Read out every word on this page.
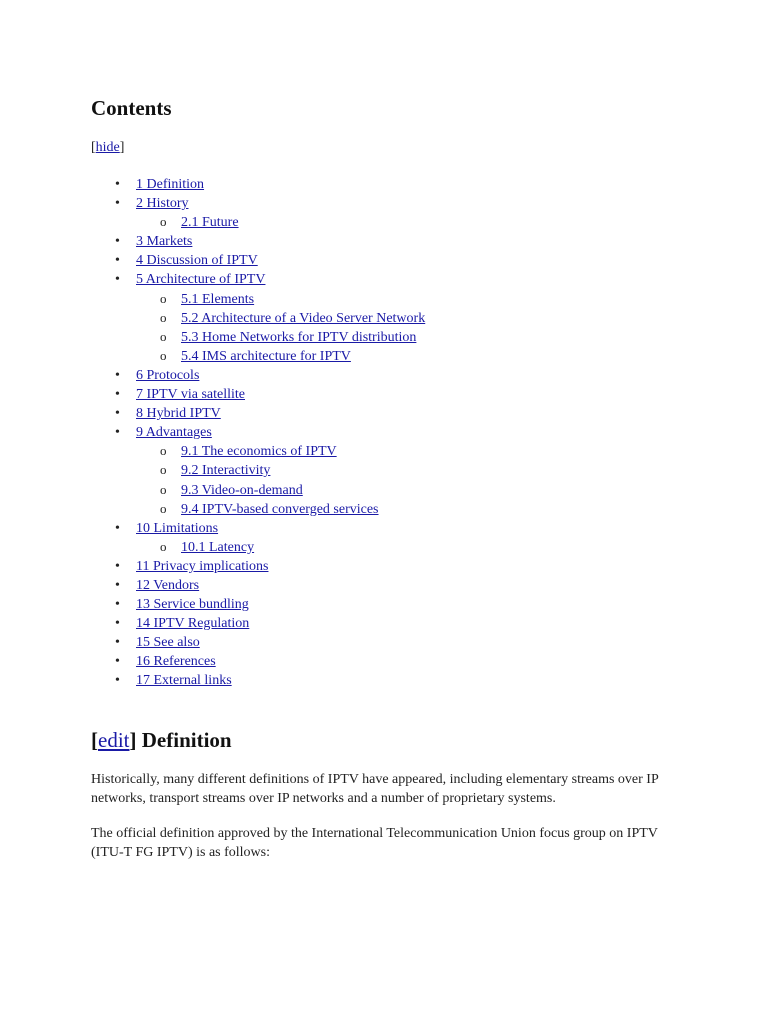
Contents
[hide]
• 1 Definition
• 2 History
o 2.1 Future
• 3 Markets
• 4 Discussion of IPTV
• 5 Architecture of IPTV
o 5.1 Elements
o 5.2 Architecture of a Video Server Network
o 5.3 Home Networks for IPTV distribution
o 5.4 IMS architecture for IPTV
• 6 Protocols
• 7 IPTV via satellite
• 8 Hybrid IPTV
• 9 Advantages
o 9.1 The economics of IPTV
o 9.2 Interactivity
o 9.3 Video-on-demand
o 9.4 IPTV-based converged services
• 10 Limitations
o 10.1 Latency
• 11 Privacy implications
• 12 Vendors
• 13 Service bundling
• 14 IPTV Regulation
• 15 See also
• 16 References
• 17 External links
[edit] Definition

Historically, many different definitions of IPTV have appeared, including elementary streams over IP networks, transport streams over IP networks and a number of proprietary systems.

The official definition approved by the International Telecommunication Union focus group on IPTV (ITU-T FG IPTV) is as follows:
